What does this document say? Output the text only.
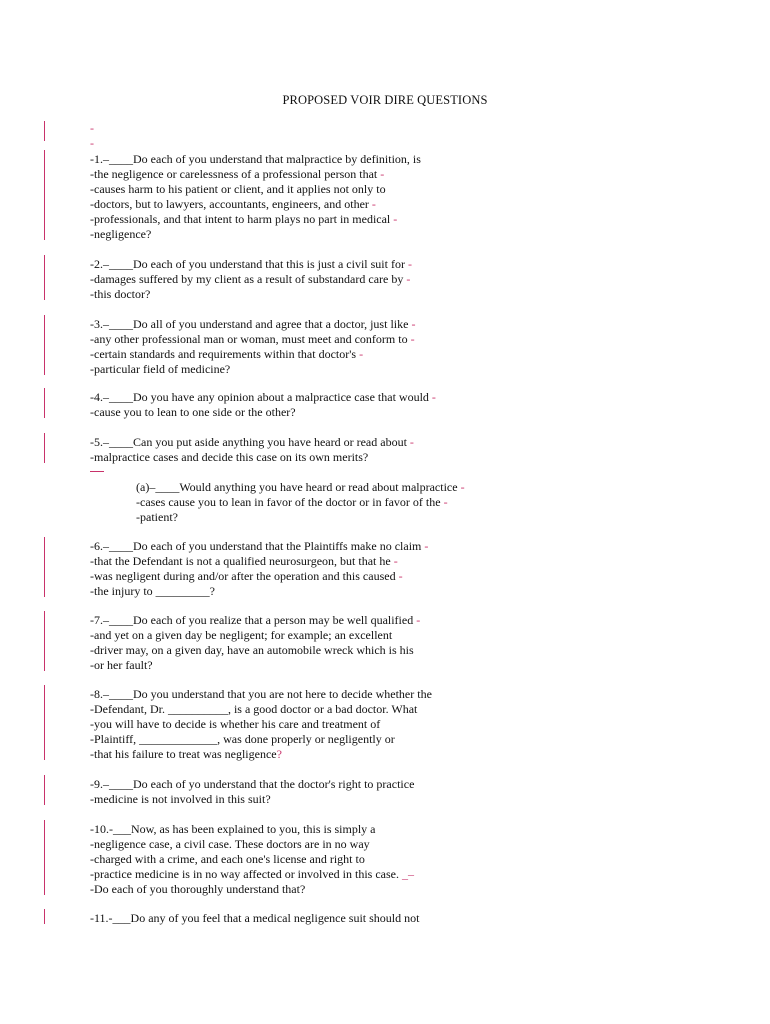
PROPOSED VOIR DIRE QUESTIONS
-
-
-1.–____Do each of you understand that malpractice by definition, is
-the negligence or carelessness of a professional person that -
-causes harm to his patient or client, and it applies not only to
-doctors, but to lawyers, accountants, engineers, and other -
-professionals, and that intent to harm plays no part in medical -
-negligence?
-2.–____Do each of you understand that this is just a civil suit for -
-damages suffered by my client as a result of substandard care by -
-this doctor?
-3.–____Do all of you understand and agree that a doctor, just like -
-any other professional man or woman, must meet and conform to -
-certain standards and requirements within that doctor's -
-particular field of medicine?
-4.–____Do you have any opinion about a malpractice case that would -
-cause you to lean to one side or the other?
-5.–____Can you put aside anything you have heard or read about -
-malpractice cases and decide this case on its own merits?
(a)–____Would anything you have heard or read about malpractice -
-cases cause you to lean in favor of the doctor or in favor of the -
-patient?
-6.–____Do each of you understand that the Plaintiffs make no claim -
-that the Defendant is not a qualified neurosurgeon, but that he -
-was negligent during and/or after the operation and this caused -
-the injury to _________?
-7.–____Do each of you realize that a person may be well qualified -
-and yet on a given day be negligent; for example; an excellent
-driver may, on a given day, have an automobile wreck which is his
-or her fault?
-8.–____Do you understand that you are not here to decide whether the
-Defendant, Dr. __________, is a good doctor or a bad doctor. What
-you will have to decide is whether his care and treatment of
-Plaintiff, _____________, was done properly or negligently or
-that his failure to treat was negligence?
-9.–____Do each of yo understand that the doctor's right to practice
-medicine is not involved in this suit?
-10.-___Now, as has been explained to you, this is simply a
-negligence case, a civil case. These doctors are in no way
-charged with a crime, and each one's license and right to
-practice medicine is in no way affected or involved in this case. _–
-Do each of you thoroughly understand that?
-11.-___Do any of you feel that a medical negligence suit should not
